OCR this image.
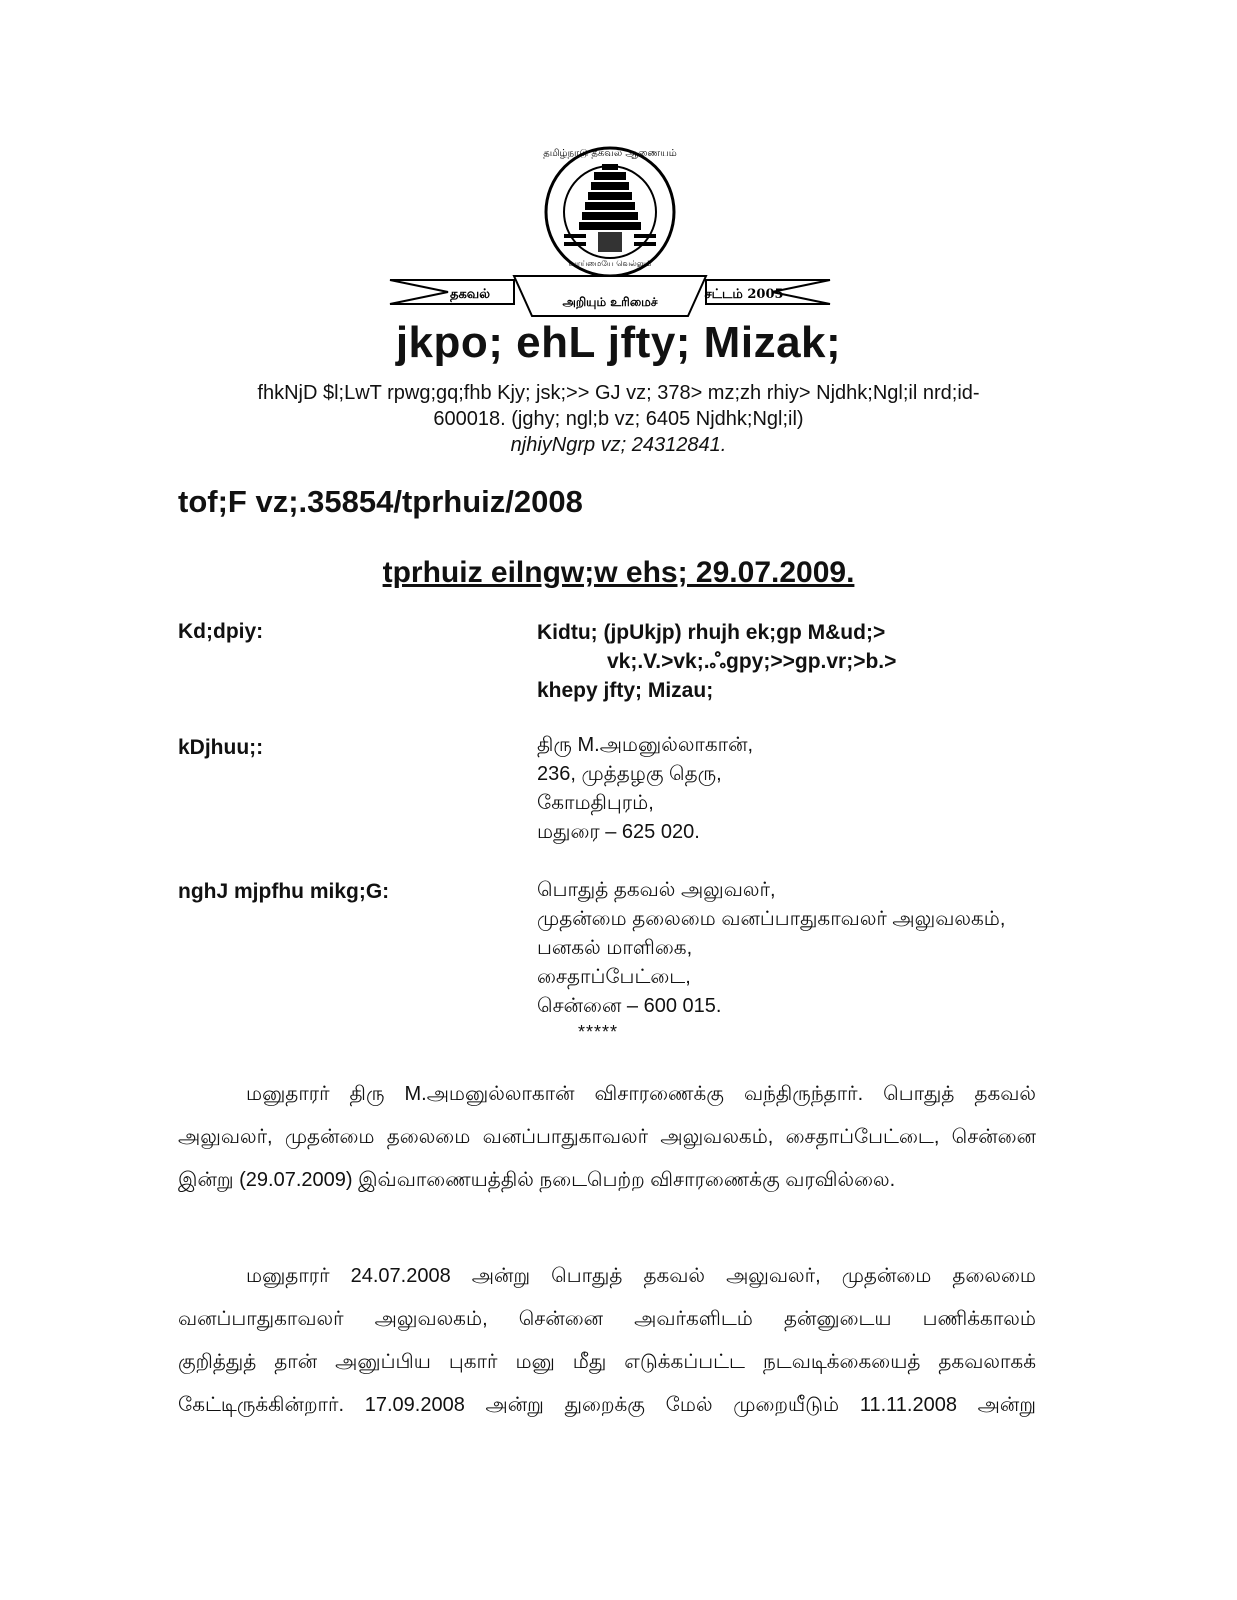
தமிழ்நாடு தகவல் ஆணையம்
வாய்மையே வெல்லும்
தகவல்	அறியும் உரிமைச்	சட்டம் 2005
jkpo; ehL jfty; Mizak;
fhkNjD $l;LwT rpwg;gq;fhb Kjy; jsk;>> GJ vz; 378> mz;zh rhiy> Njdhk;Ngl;il nrd;id-
600018. (jghy; ngl;b vz; 6405 Njdhk;Ngl;il)
njhiyNgrp vz; 24312841.
tof;F vz;.35854/tprhuiz/2008
tprhuiz eilngw;w ehs; 29.07.2009.
Kd;dpiy:	Kidtu; (jpUkjp) rhujh ek;gp M&ud;>
vk;.V.>vk;.ஃgpy;>>gp.vr;>b.>
khepy jfty; Mizau;
kDjhuu;:	திரு M.அமனுல்லாகான்,
236, முத்தழகு தெரு,
கோமதிபுரம்,
மதுரை – 625 020.
nghJ mjpfhu mikg;G:	பொதுத் தகவல் அலுவலர்,
முதன்மை தலைமை வனப்பாதுகாவலர் அலுவலகம்,
பனகல் மாளிகை,
சைதாப்பேட்டை,
சென்னை – 600 015.
*****
மனுதாரர் திரு M.அமனுல்லாகான் விசாரணைக்கு வந்திருந்தார். பொதுத் தகவல்
அலுவலர், முதன்மை தலைமை வனப்பாதுகாவலர் அலுவலகம், சைதாப்பேட்டை, சென்னை
இன்று (29.07.2009) இவ்வாணையத்தில் நடைபெற்ற விசாரணைக்கு வரவில்லை.
மனுதாரர் 24.07.2008 அன்று பொதுத் தகவல் அலுவலர், முதன்மை தலைமை
வனப்பாதுகாவலர் அலுவலகம், சென்னை அவர்களிடம் தன்னுடைய பணிக்காலம்
குறித்துத் தான் அனுப்பிய புகார் மனு மீது எடுக்கப்பட்ட நடவடிக்கையைத் தகவலாகக்
கேட்டிருக்கின்றார். 17.09.2008 அன்று துறைக்கு மேல் முறையீடும் 11.11.2008 அன்று
